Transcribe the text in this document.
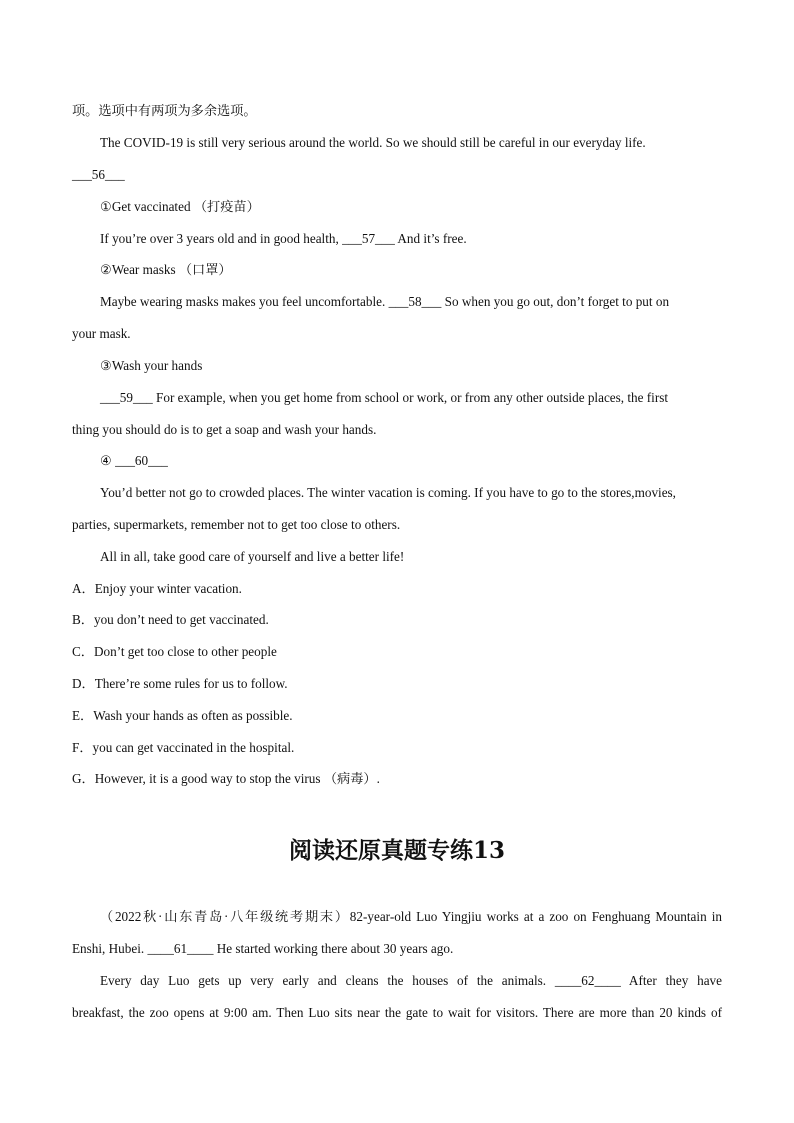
项。选项中有两项为多余选项。
The COVID-19 is still very serious around the world. So we should still be careful in our everyday life.
___56___
①Get vaccinated （打疫苗）
If you’re over 3 years old and in good health, ___57___ And it’s free.
②Wear masks （口罩）
Maybe wearing masks makes you feel uncomfortable. ___58___ So when you go out, don’t forget to put on
your mask.
③Wash your hands
___59___ For example, when you get home from school or work, or from any other outside places, the first
thing you should do is to get a soap and wash your hands.
④ ___60___
You’d better not go to crowded places. The winter vacation is coming. If you have to go to the stores,movies,
parties, supermarkets, remember not to get too close to others.
All in all, take good care of yourself and live a better life!
A．Enjoy your winter vacation.
B．you don’t need to get vaccinated.
C．Don’t get too close to other people
D．There’re some rules for us to follow.
E．Wash your hands as often as possible.
F．you can get vaccinated in the hospital.
G．However, it is a good way to stop the virus （病毒）.
阅读还原真题专练13
（2022秋·山东青岛·八年级统考期末）82-year-old Luo Yingjiu works at a zoo on Fenghuang Mountain in
Enshi, Hubei. ____61____ He started working there about 30 years ago.
Every day Luo gets up very early and cleans the houses of the animals. ____62____ After they have
breakfast, the zoo opens at 9:00 am. Then Luo sits near the gate to wait for visitors. There are more than 20 kinds of
